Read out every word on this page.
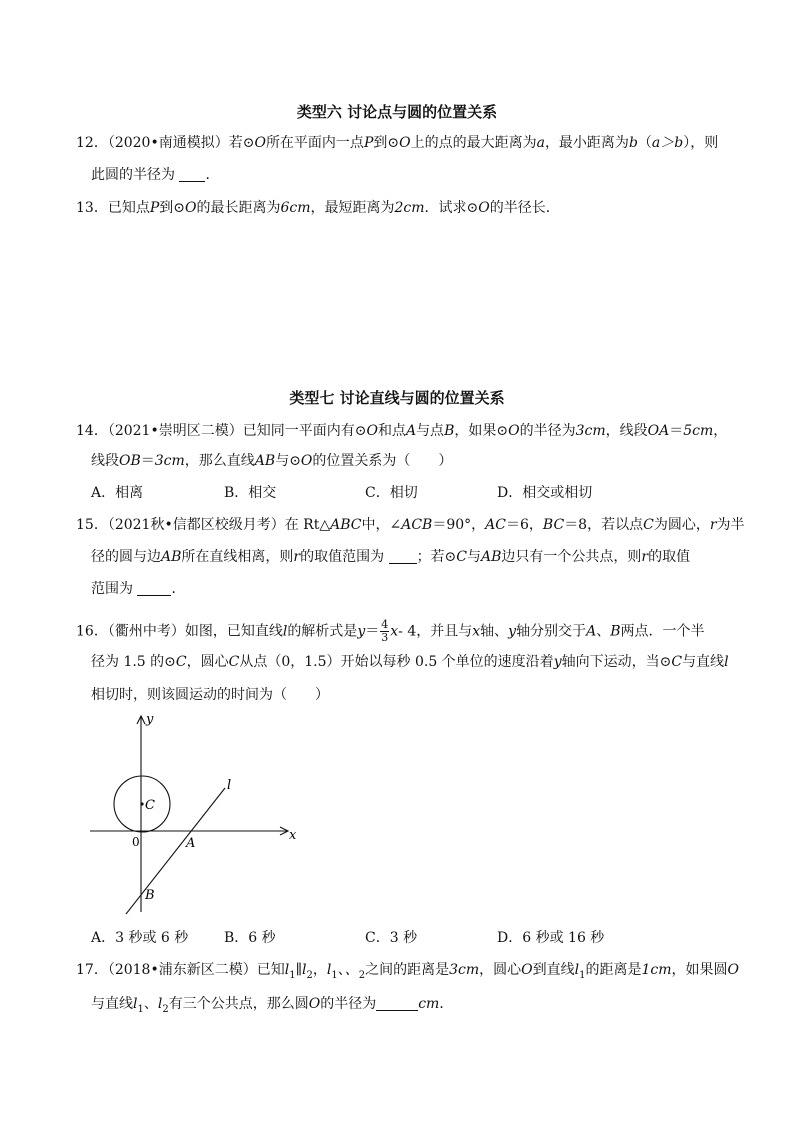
类型六 讨论点与圆的位置关系
12．（2020•南通模拟）若⊙O所在平面内一点P到⊙O上的点的最大距离为a，最小距离为b（a＞b），则
此圆的半径为 ．
13．已知点P到⊙O的最长距离为6cm，最短距离为2cm．试求⊙O的半径长．
类型七 讨论直线与圆的位置关系
14．（2021•崇明区二模）已知同一平面内有⊙O和点A与点B，如果⊙O的半径为3cm，线段OA＝5cm，
线段OB＝3cm，那么直线AB与⊙O的位置关系为（　　）
A．相离	B．相交	C．相切	D．相交或相切
15．（2021秋•信都区校级月考）在 Rt△ABC中，∠ACB＝90°，AC＝6，BC＝8，若以点C为圆心，r为半
径的圆与边AB所在直线相离，则r的取值范围为 ；若⊙C与AB边只有一个公共点，则r的取值
范围为	．
16．（衢州中考）如图，已知直线l的解析式是$y= \frac{4}{3} x-$ 4，并且与x轴、y轴分别交于A、B两点．一个半
径为 1.5 的⊙C，圆心C从点（0，1.5）开始以每秒 0.5 个单位的速度沿着y轴向下运动，当⊙C与直线l
相切时，则该圆运动的时间为（　　）
y
x
l
C
0	A
B
A．3 秒或 6 秒	B．6 秒	C．3 秒	D．6 秒或 16 秒
17．（2018•浦东新区二模）已知$l_1\parallel l_2$，$l_1$、、$_2$之间的距离是3cm，圆心O到直线$l_1$的距离是1cm，如果圆O
与直线$l_1$、$l_2$有三个公共点，那么圆O的半径为	cm．
